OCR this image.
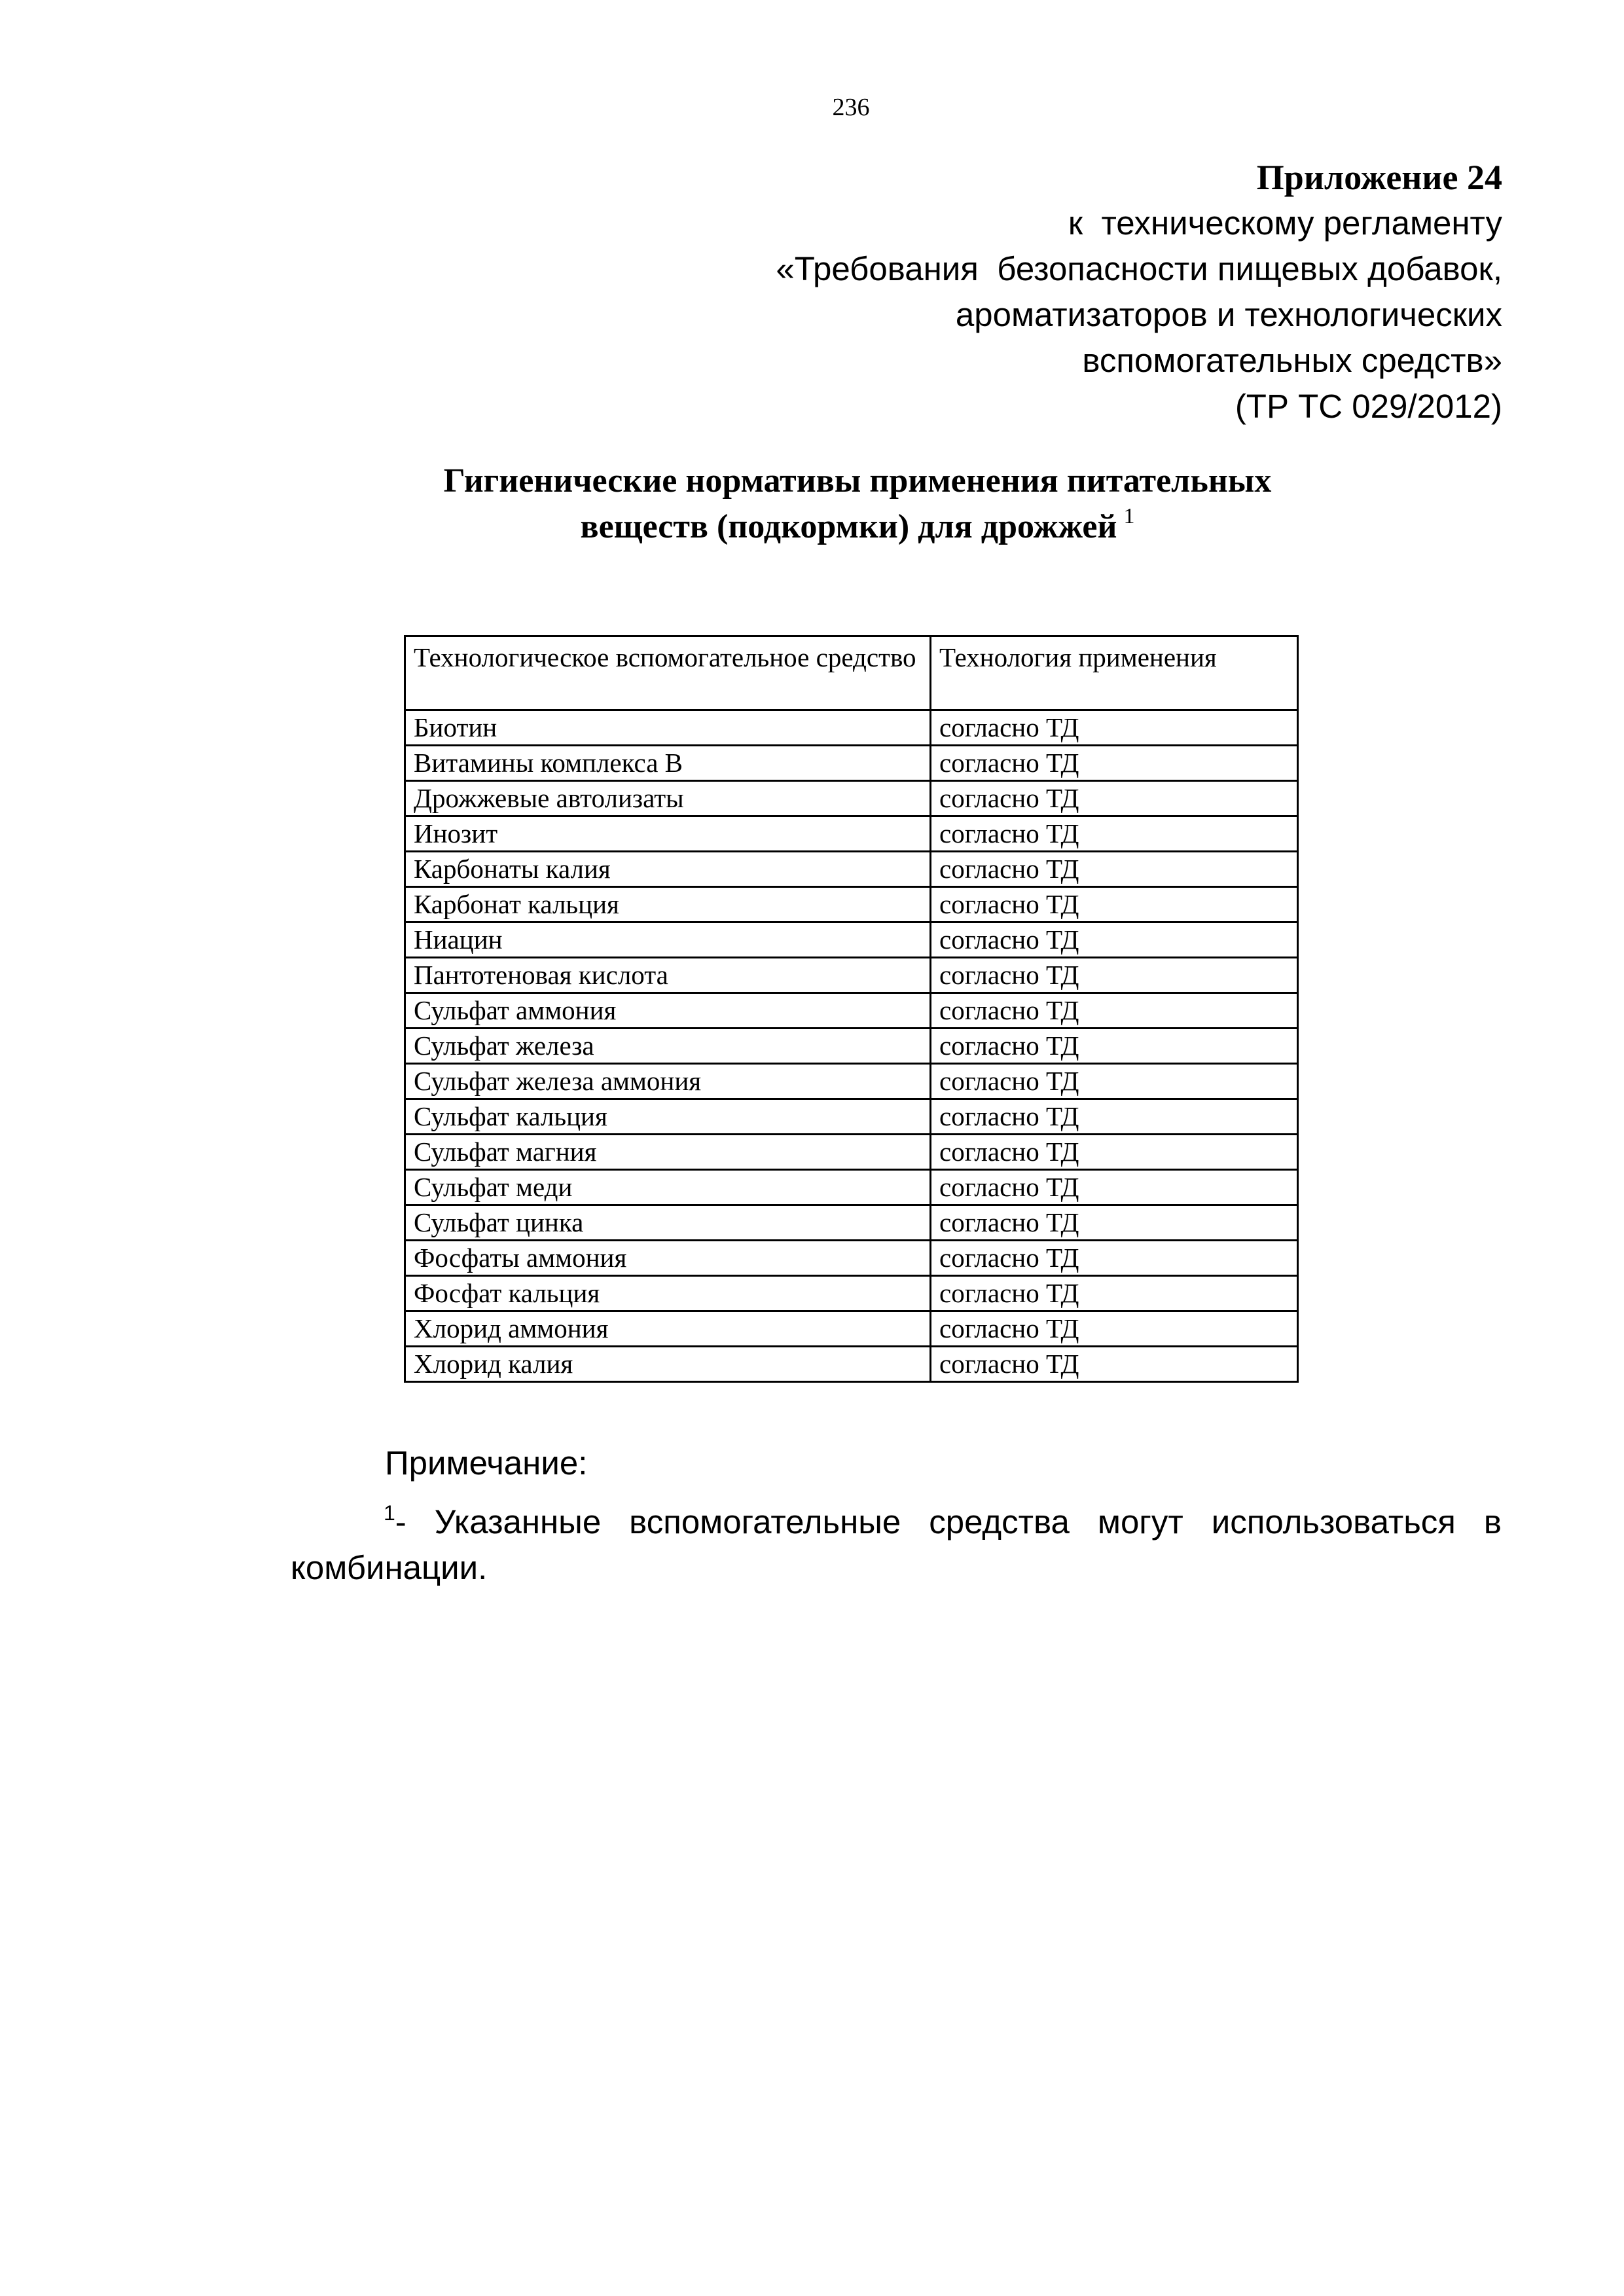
236
Приложение 24
к  техническому регламенту
«Требования  безопасности пищевых добавок,
ароматизаторов и технологических
вспомогательных средств»
(ТР ТС 029/2012)
Гигиенические нормативы применения питательных
веществ (подкормки) для дрожжей $^1$
Технологическое вспомогательное средство	Технология применения
Биотин	согласно ТД
Витамины комплекса В	согласно ТД
Дрожжевые автолизаты	согласно ТД
Инозит	согласно ТД
Карбонаты калия	согласно ТД
Карбонат кальция	согласно ТД
Ниацин	согласно ТД
Пантотеновая кислота	согласно ТД
Сульфат аммония	согласно ТД
Сульфат железа	согласно ТД
Сульфат железа аммония	согласно ТД
Сульфат кальция	согласно ТД
Сульфат магния	согласно ТД
Сульфат меди	согласно ТД
Сульфат цинка	согласно ТД
Фосфаты аммония	согласно ТД
Фосфат кальция	согласно ТД
Хлорид аммония	согласно ТД
Хлорид калия	согласно ТД
Примечание:
$^1$- Указанные вспомогательные средства могут использоваться в комбинации.
